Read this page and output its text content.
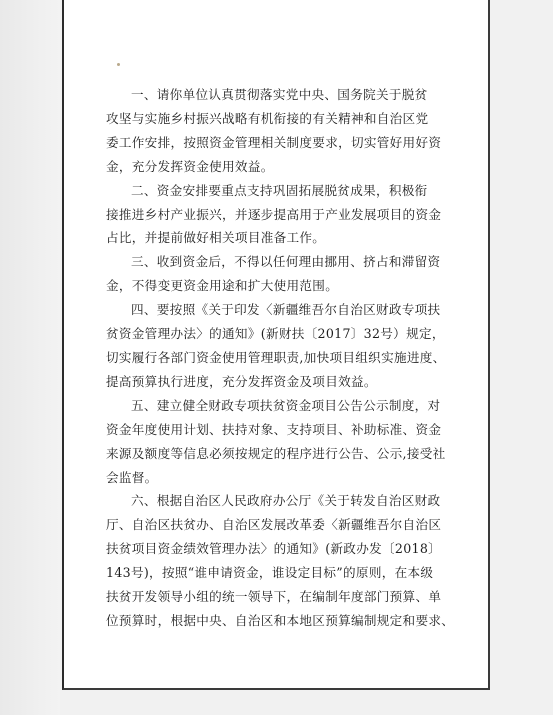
一、请你单位认真贯彻落实党中央、国务院关于脱贫
攻坚与实施乡村振兴战略有机衔接的有关精神和自治区党
委工作安排，按照资金管理相关制度要求，切实管好用好资
金，充分发挥资金使用效益。
二、资金安排要重点支持巩固拓展脱贫成果，积极衔
接推进乡村产业振兴，并逐步提高用于产业发展项目的资金
占比，并提前做好相关项目准备工作。
三、收到资金后，不得以任何理由挪用、挤占和滞留资
金，不得变更资金用途和扩大使用范围。
四、要按照《关于印发〈新疆维吾尔自治区财政专项扶
贫资金管理办法〉的通知》(新财扶〔2017〕32号）规定，
切实履行各部门资金使用管理职责,加快项目组织实施进度、
提高预算执行进度，充分发挥资金及项目效益。
五、建立健全财政专项扶贫资金项目公告公示制度，对
资金年度使用计划、扶持对象、支持项目、补助标准、资金
来源及额度等信息必须按规定的程序进行公告、公示,接受社
会监督。
六、根据自治区人民政府办公厅《关于转发自治区财政
厅、自治区扶贫办、自治区发展改革委〈新疆维吾尔自治区
扶贫项目资金绩效管理办法〉的通知》(新政办发〔2018〕
143号)，按照“谁申请资金，谁设定目标”的原则，在本级
扶贫开发领导小组的统一领导下，在编制年度部门预算、单
位预算时，根据中央、自治区和本地区预算编制规定和要求、
